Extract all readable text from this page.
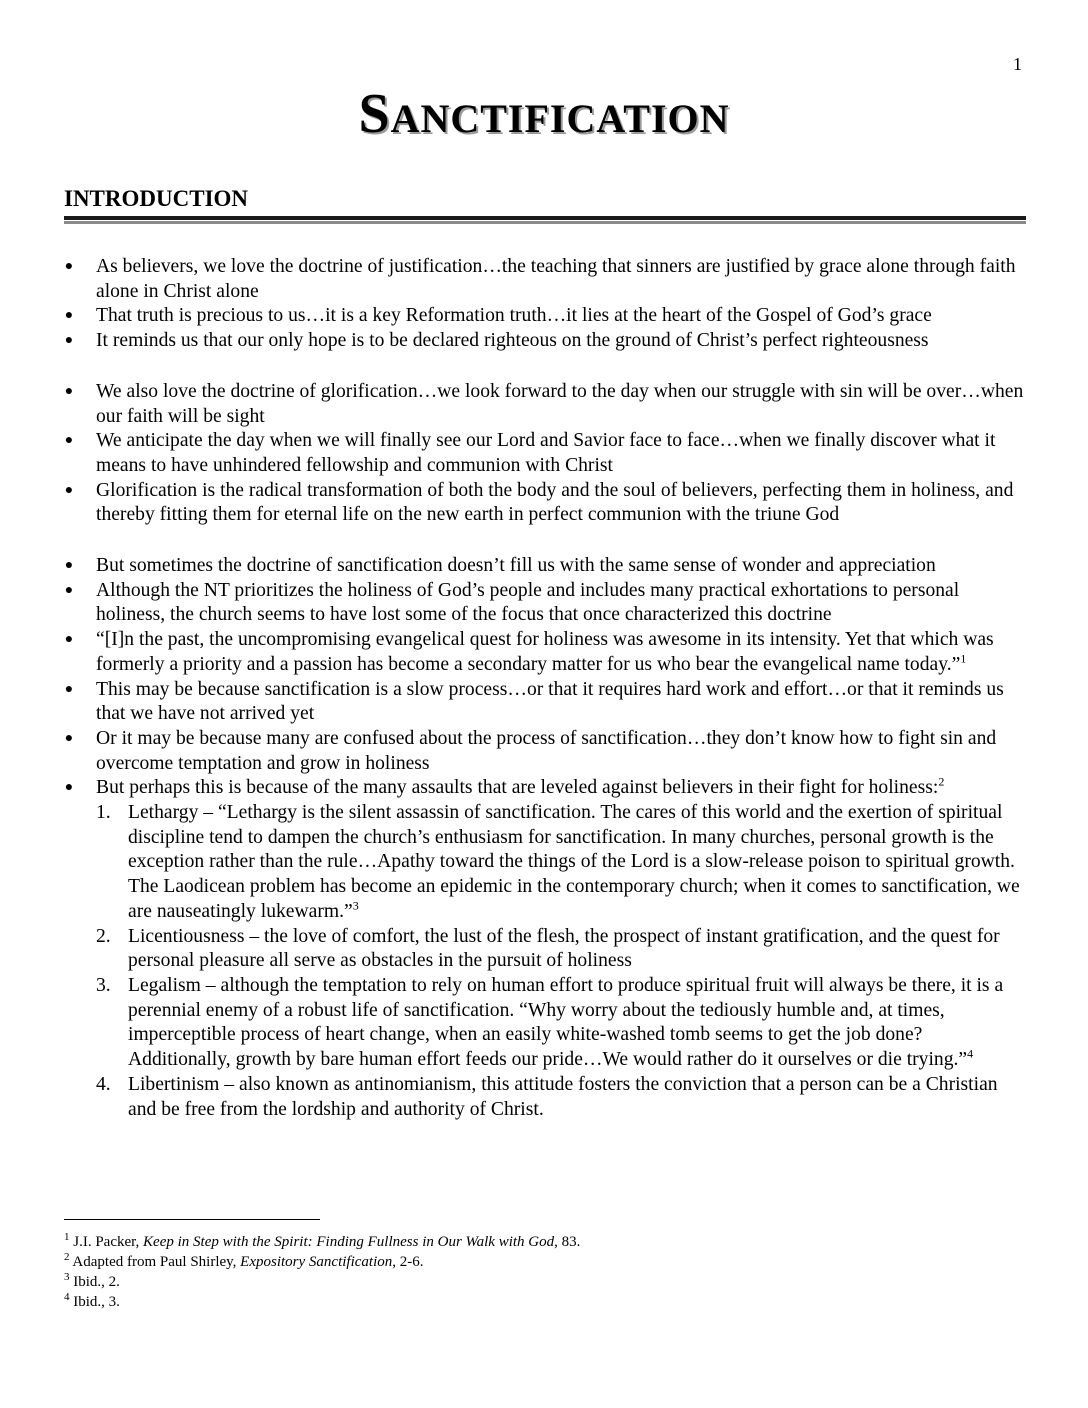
1
SANCTIFICATION
INTRODUCTION
● As believers, we love the doctrine of justification…the teaching that sinners are justified by grace alone through faith alone in Christ alone
● That truth is precious to us…it is a key Reformation truth…it lies at the heart of the Gospel of God’s grace
● It reminds us that our only hope is to be declared righteous on the ground of Christ’s perfect righteousness
● We also love the doctrine of glorification…we look forward to the day when our struggle with sin will be over…when our faith will be sight
● We anticipate the day when we will finally see our Lord and Savior face to face…when we finally discover what it means to have unhindered fellowship and communion with Christ
● Glorification is the radical transformation of both the body and the soul of believers, perfecting them in holiness, and thereby fitting them for eternal life on the new earth in perfect communion with the triune God
● But sometimes the doctrine of sanctification doesn’t fill us with the same sense of wonder and appreciation
● Although the NT prioritizes the holiness of God’s people and includes many practical exhortations to personal holiness, the church seems to have lost some of the focus that once characterized this doctrine
● “[I]n the past, the uncompromising evangelical quest for holiness was awesome in its intensity. Yet that which was formerly a priority and a passion has become a secondary matter for us who bear the evangelical name today.”$^1$
● This may be because sanctification is a slow process…or that it requires hard work and effort…or that it reminds us that we have not arrived yet
● Or it may be because many are confused about the process of sanctification…they don’t know how to fight sin and overcome temptation and grow in holiness
● But perhaps this is because of the many assaults that are leveled against believers in their fight for holiness:$^2$
1. Lethargy – “Lethargy is the silent assassin of sanctification. The cares of this world and the exertion of spiritual discipline tend to dampen the church’s enthusiasm for sanctification. In many churches, personal growth is the exception rather than the rule…Apathy toward the things of the Lord is a slow-release poison to spiritual growth. The Laodicean problem has become an epidemic in the contemporary church; when it comes to sanctification, we are nauseatingly lukewarm.”$^3$
2. Licentiousness – the love of comfort, the lust of the flesh, the prospect of instant gratification, and the quest for personal pleasure all serve as obstacles in the pursuit of holiness
3. Legalism – although the temptation to rely on human effort to produce spiritual fruit will always be there, it is a perennial enemy of a robust life of sanctification. “Why worry about the tediously humble and, at times, imperceptible process of heart change, when an easily white-washed tomb seems to get the job done? Additionally, growth by bare human effort feeds our pride…We would rather do it ourselves or die trying.”$^4$
4. Libertinism – also known as antinomianism, this attitude fosters the conviction that a person can be a Christian and be free from the lordship and authority of Christ.
$^1$ J.I. Packer, Keep in Step with the Spirit: Finding Fullness in Our Walk with God, 83.
$^2$ Adapted from Paul Shirley, Expository Sanctification, 2-6.
$^3$ Ibid., 2.
$^4$ Ibid., 3.
